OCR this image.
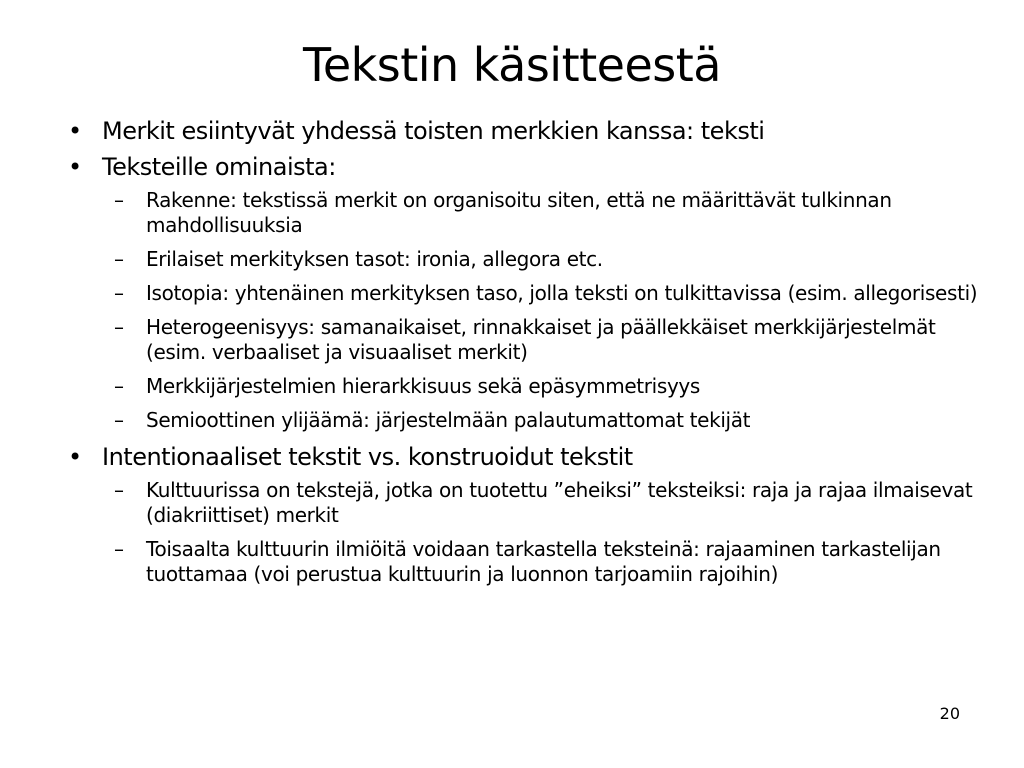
Tekstin käsitteestä
• Merkit esiintyvät yhdessä toisten merkkien kanssa: teksti
• Teksteille ominaista:
– Rakenne: tekstissä merkit on organisoitu siten, että ne määrittävät tulkinnan mahdollisuuksia
– Erilaiset merkityksen tasot: ironia, allegora etc.
– Isotopia: yhtenäinen merkityksen taso, jolla teksti on tulkittavissa (esim. allegorisesti)
– Heterogeenisyys: samanaikaiset, rinnakkaiset ja päällekkäiset merkkijärjestelmät (esim. verbaaliset ja visuaaliset merkit)
– Merkkijärjestelmien hierarkkisuus sekä epäsymmetrisyys
– Semioottinen ylijäämä: järjestelmään palautumattomat tekijät
• Intentionaaliset tekstit vs. konstruoidut tekstit
– Kulttuurissa on tekstejä, jotka on tuotettu ”eheiksi” teksteiksi: raja ja rajaa ilmaisevat (diakriittiset) merkit
– Toisaalta kulttuurin ilmiöitä voidaan tarkastella teksteinä: rajaaminen tarkastelijan tuottamaa (voi perustua kulttuurin ja luonnon tarjoamiin rajoihin)
20
